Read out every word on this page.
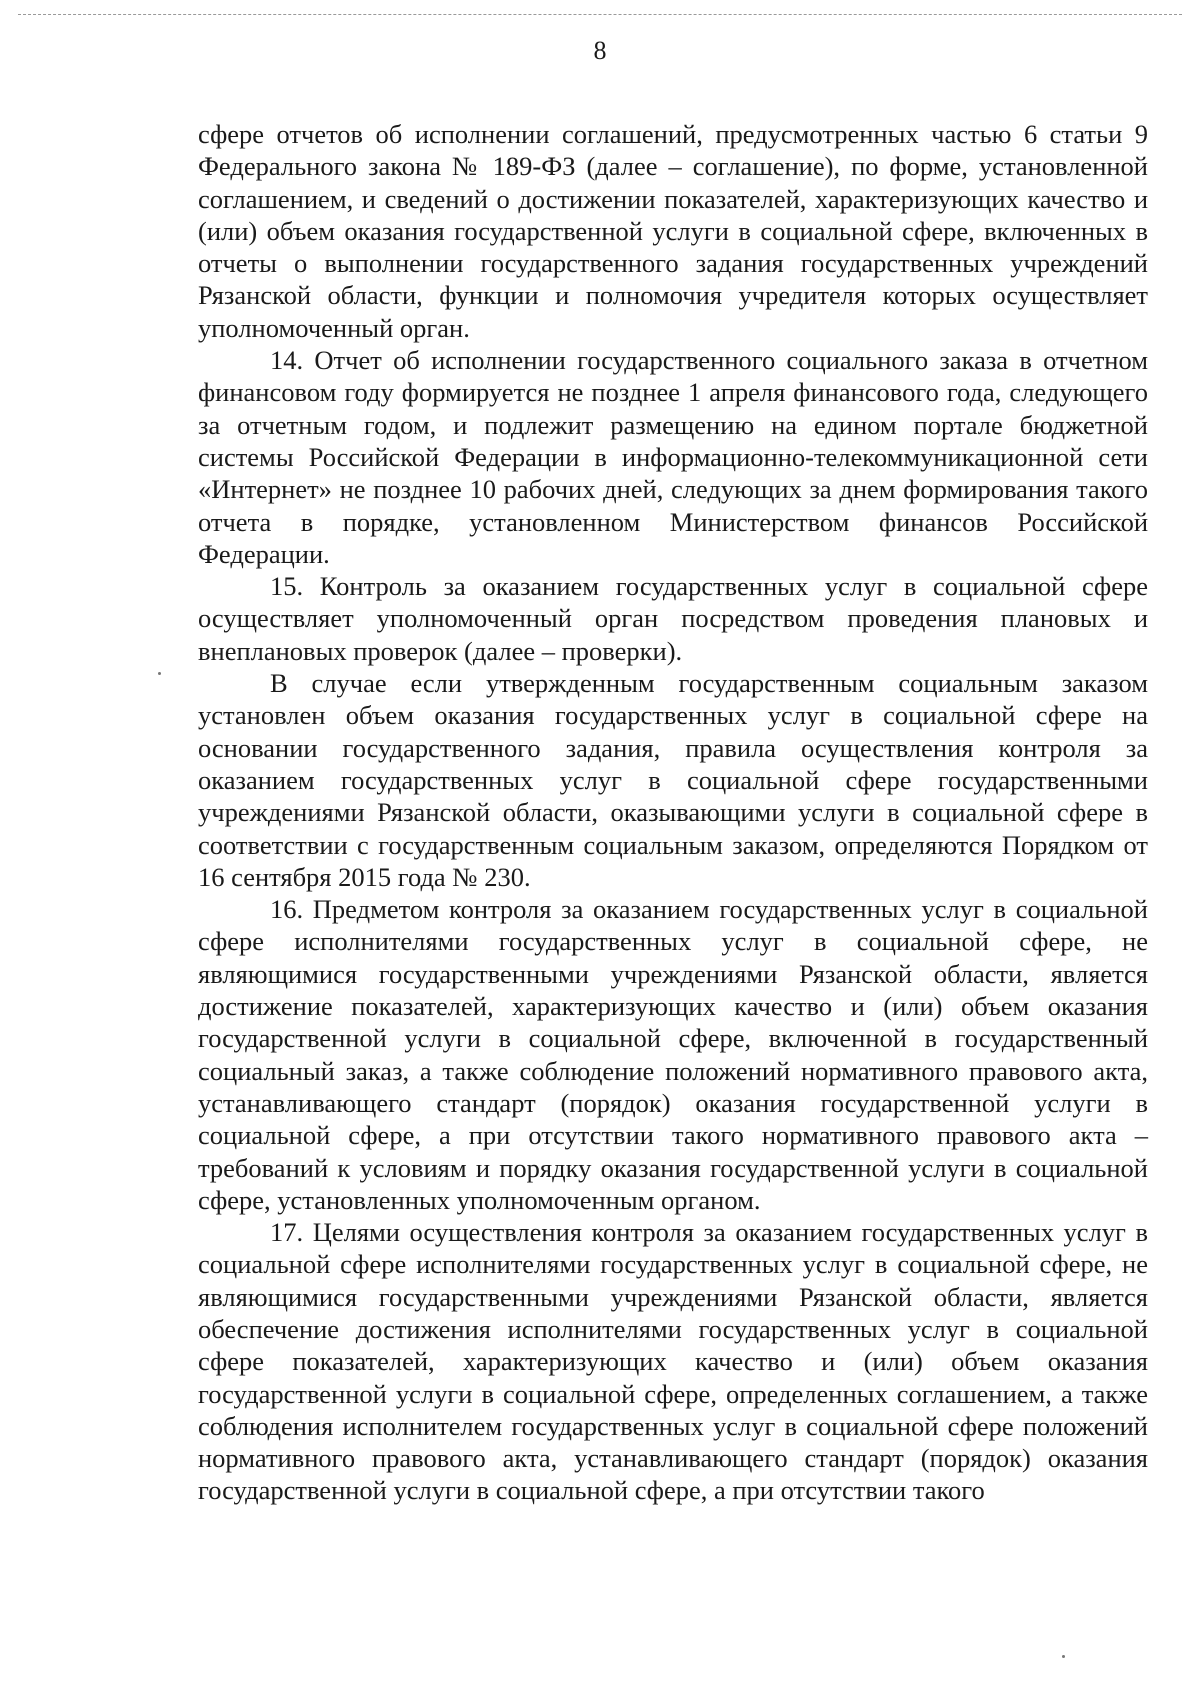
8

сфере отчетов об исполнении соглашений, предусмотренных частью 6 статьи 9 Федерального закона № 189-ФЗ (далее – соглашение), по форме, установленной соглашением, и сведений о достижении показателей, характеризующих качество и (или) объем оказания государственной услуги в социальной сфере, включенных в отчеты о выполнении государственного задания государственных учреждений Рязанской области, функции и полномочия учредителя которых осуществляет уполномоченный орган.

14. Отчет об исполнении государственного социального заказа в отчетном финансовом году формируется не позднее 1 апреля финансового года, следующего за отчетным годом, и подлежит размещению на едином портале бюджетной системы Российской Федерации в информационно-телекоммуникационной сети «Интернет» не позднее 10 рабочих дней, следующих за днем формирования такого отчета в порядке, установленном Министерством финансов Российской Федерации.

15. Контроль за оказанием государственных услуг в социальной сфере осуществляет уполномоченный орган посредством проведения плановых и внеплановых проверок (далее – проверки).

В случае если утвержденным государственным социальным заказом установлен объем оказания государственных услуг в социальной сфере на основании государственного задания, правила осуществления контроля за оказанием государственных услуг в социальной сфере государственными учреждениями Рязанской области, оказывающими услуги в социальной сфере в соответствии с государственным социальным заказом, определяются Порядком от 16 сентября 2015 года № 230.

16. Предметом контроля за оказанием государственных услуг в социальной сфере исполнителями государственных услуг в социальной сфере, не являющимися государственными учреждениями Рязанской области, является достижение показателей, характеризующих качество и (или) объем оказания государственной услуги в социальной сфере, включенной в государственный социальный заказ, а также соблюдение положений нормативного правового акта, устанавливающего стандарт (порядок) оказания государственной услуги в социальной сфере, а при отсутствии такого нормативного правового акта – требований к условиям и порядку оказания государственной услуги в социальной сфере, установленных уполномоченным органом.

17. Целями осуществления контроля за оказанием государственных услуг в социальной сфере исполнителями государственных услуг в социальной сфере, не являющимися государственными учреждениями Рязанской области, является обеспечение достижения исполнителями государственных услуг в социальной сфере показателей, характеризующих качество и (или) объем оказания государственной услуги в социальной сфере, определенных соглашением, а также соблюдения исполнителем государственных услуг в социальной сфере положений нормативного правового акта, устанавливающего стандарт (порядок) оказания государственной услуги в социальной сфере, а при отсутствии такого
